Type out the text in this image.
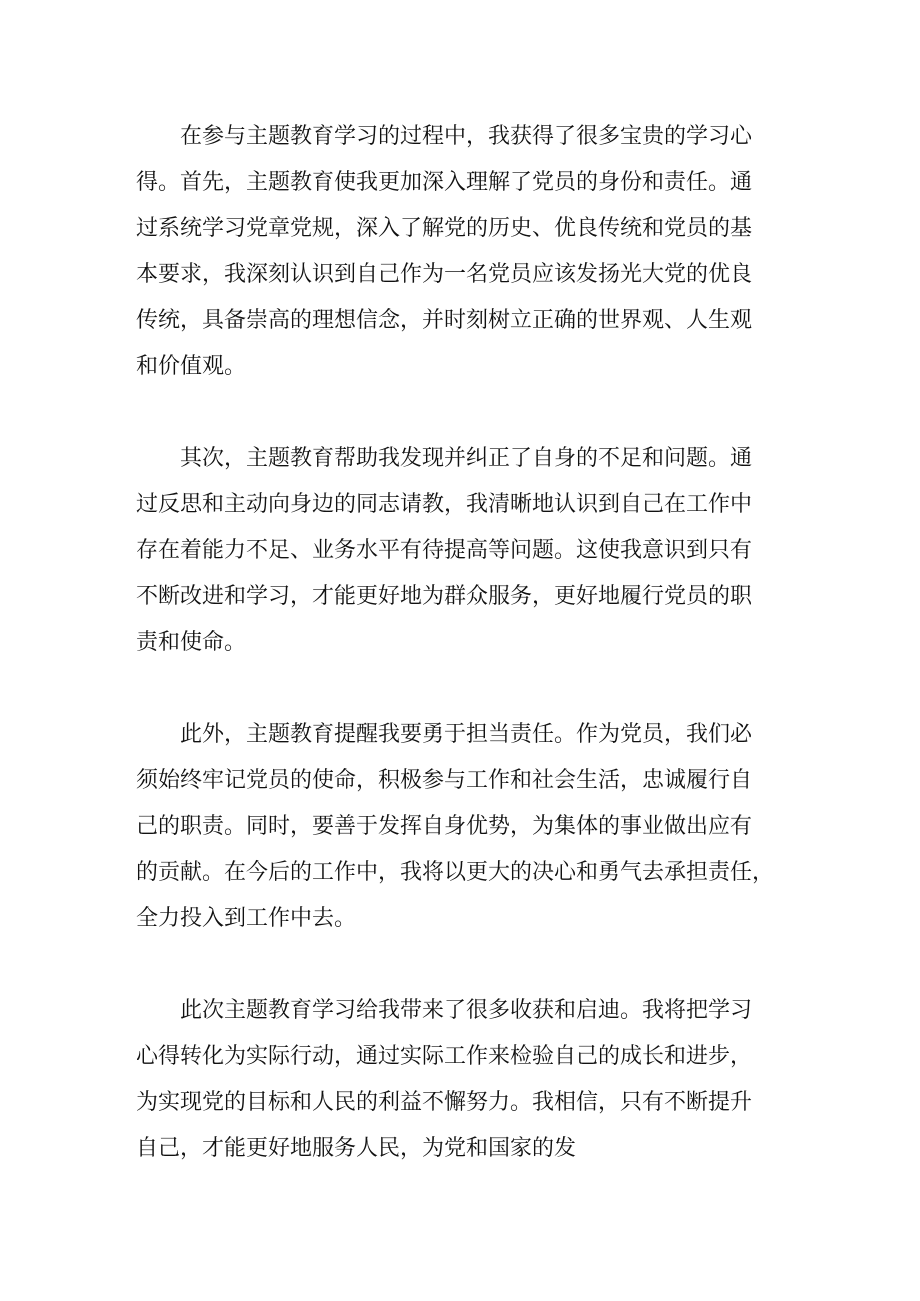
在参与主题教育学习的过程中，我获得了很多宝贵的学习心
得。首先，主题教育使我更加深入理解了党员的身份和责任。通
过系统学习党章党规，深入了解党的历史、优良传统和党员的基
本要求，我深刻认识到自己作为一名党员应该发扬光大党的优良
传统，具备崇高的理想信念，并时刻树立正确的世界观、人生观
和价值观。
其次，主题教育帮助我发现并纠正了自身的不足和问题。通
过反思和主动向身边的同志请教，我清晰地认识到自己在工作中
存在着能力不足、业务水平有待提高等问题。这使我意识到只有
不断改进和学习，才能更好地为群众服务，更好地履行党员的职
责和使命。
此外，主题教育提醒我要勇于担当责任。作为党员，我们必
须始终牢记党员的使命，积极参与工作和社会生活，忠诚履行自
己的职责。同时，要善于发挥自身优势，为集体的事业做出应有
的贡献。在今后的工作中，我将以更大的决心和勇气去承担责任，
全力投入到工作中去。
此次主题教育学习给我带来了很多收获和启迪。我将把学习
心得转化为实际行动，通过实际工作来检验自己的成长和进步，
为实现党的目标和人民的利益不懈努力。我相信，只有不断提升
自己，才能更好地服务人民，为党和国家的发
